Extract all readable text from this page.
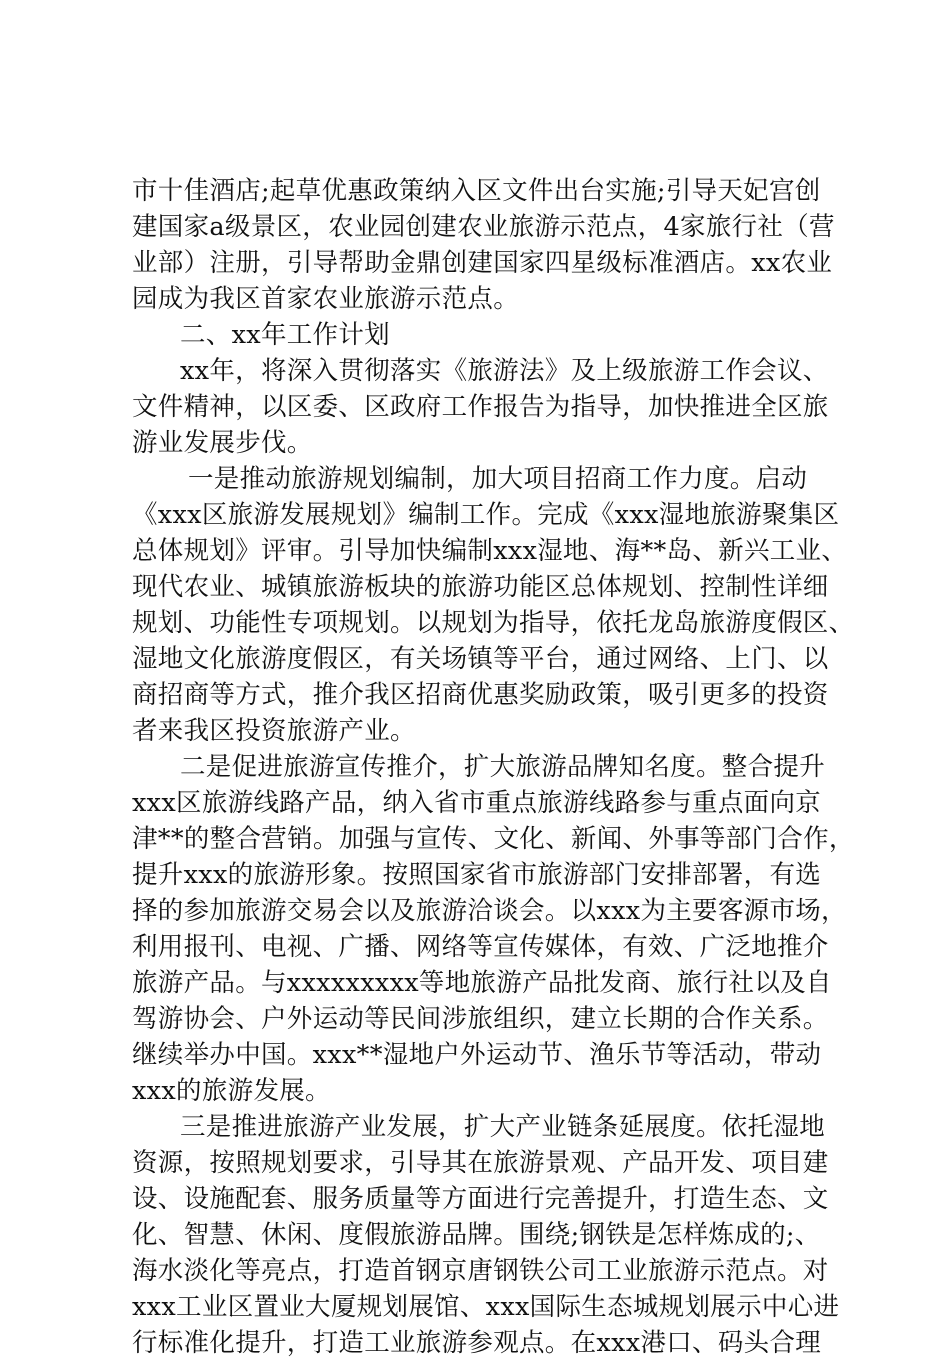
市十佳酒店;起草优惠政策纳入区文件出台实施;引导天妃宫创
建国家a级景区，农业园创建农业旅游示范点，4家旅行社（营
业部）注册，引导帮助金鼎创建国家四星级标准酒店。xx农业
园成为我区首家农业旅游示范点。
二、xx年工作计划
xx年，将深入贯彻落实《旅游法》及上级旅游工作会议、
文件精神，以区委、区政府工作报告为指导，加快推进全区旅
游业发展步伐。
一是推动旅游规划编制，加大项目招商工作力度。启动
《xxx区旅游发展规划》编制工作。完成《xxx湿地旅游聚集区
总体规划》评审。引导加快编制xxx湿地、海**岛、新兴工业、
现代农业、城镇旅游板块的旅游功能区总体规划、控制性详细
规划、功能性专项规划。以规划为指导，依托龙岛旅游度假区、
湿地文化旅游度假区，有关场镇等平台，通过网络、上门、以
商招商等方式，推介我区招商优惠奖励政策，吸引更多的投资
者来我区投资旅游产业。
二是促进旅游宣传推介，扩大旅游品牌知名度。整合提升
xxx区旅游线路产品，纳入省市重点旅游线路参与重点面向京
津**的整合营销。加强与宣传、文化、新闻、外事等部门合作，
提升xxx的旅游形象。按照国家省市旅游部门安排部署，有选
择的参加旅游交易会以及旅游洽谈会。以xxx为主要客源市场，
利用报刊、电视、广播、网络等宣传媒体，有效、广泛地推介
旅游产品。与xxxxxxxxx等地旅游产品批发商、旅行社以及自
驾游协会、户外运动等民间涉旅组织，建立长期的合作关系。
继续举办中国。xxx**湿地户外运动节、渔乐节等活动，带动
xxx的旅游发展。
三是推进旅游产业发展，扩大产业链条延展度。依托湿地
资源，按照规划要求，引导其在旅游景观、产品开发、项目建
设、设施配套、服务质量等方面进行完善提升，打造生态、文
化、智慧、休闲、度假旅游品牌。围绕;钢铁是怎样炼成的;、
海水淡化等亮点，打造首钢京唐钢铁公司工业旅游示范点。对
xxx工业区置业大厦规划展馆、xxx国际生态城规划展示中心进
行标准化提升，打造工业旅游参观点。在xxx港口、码头合理
